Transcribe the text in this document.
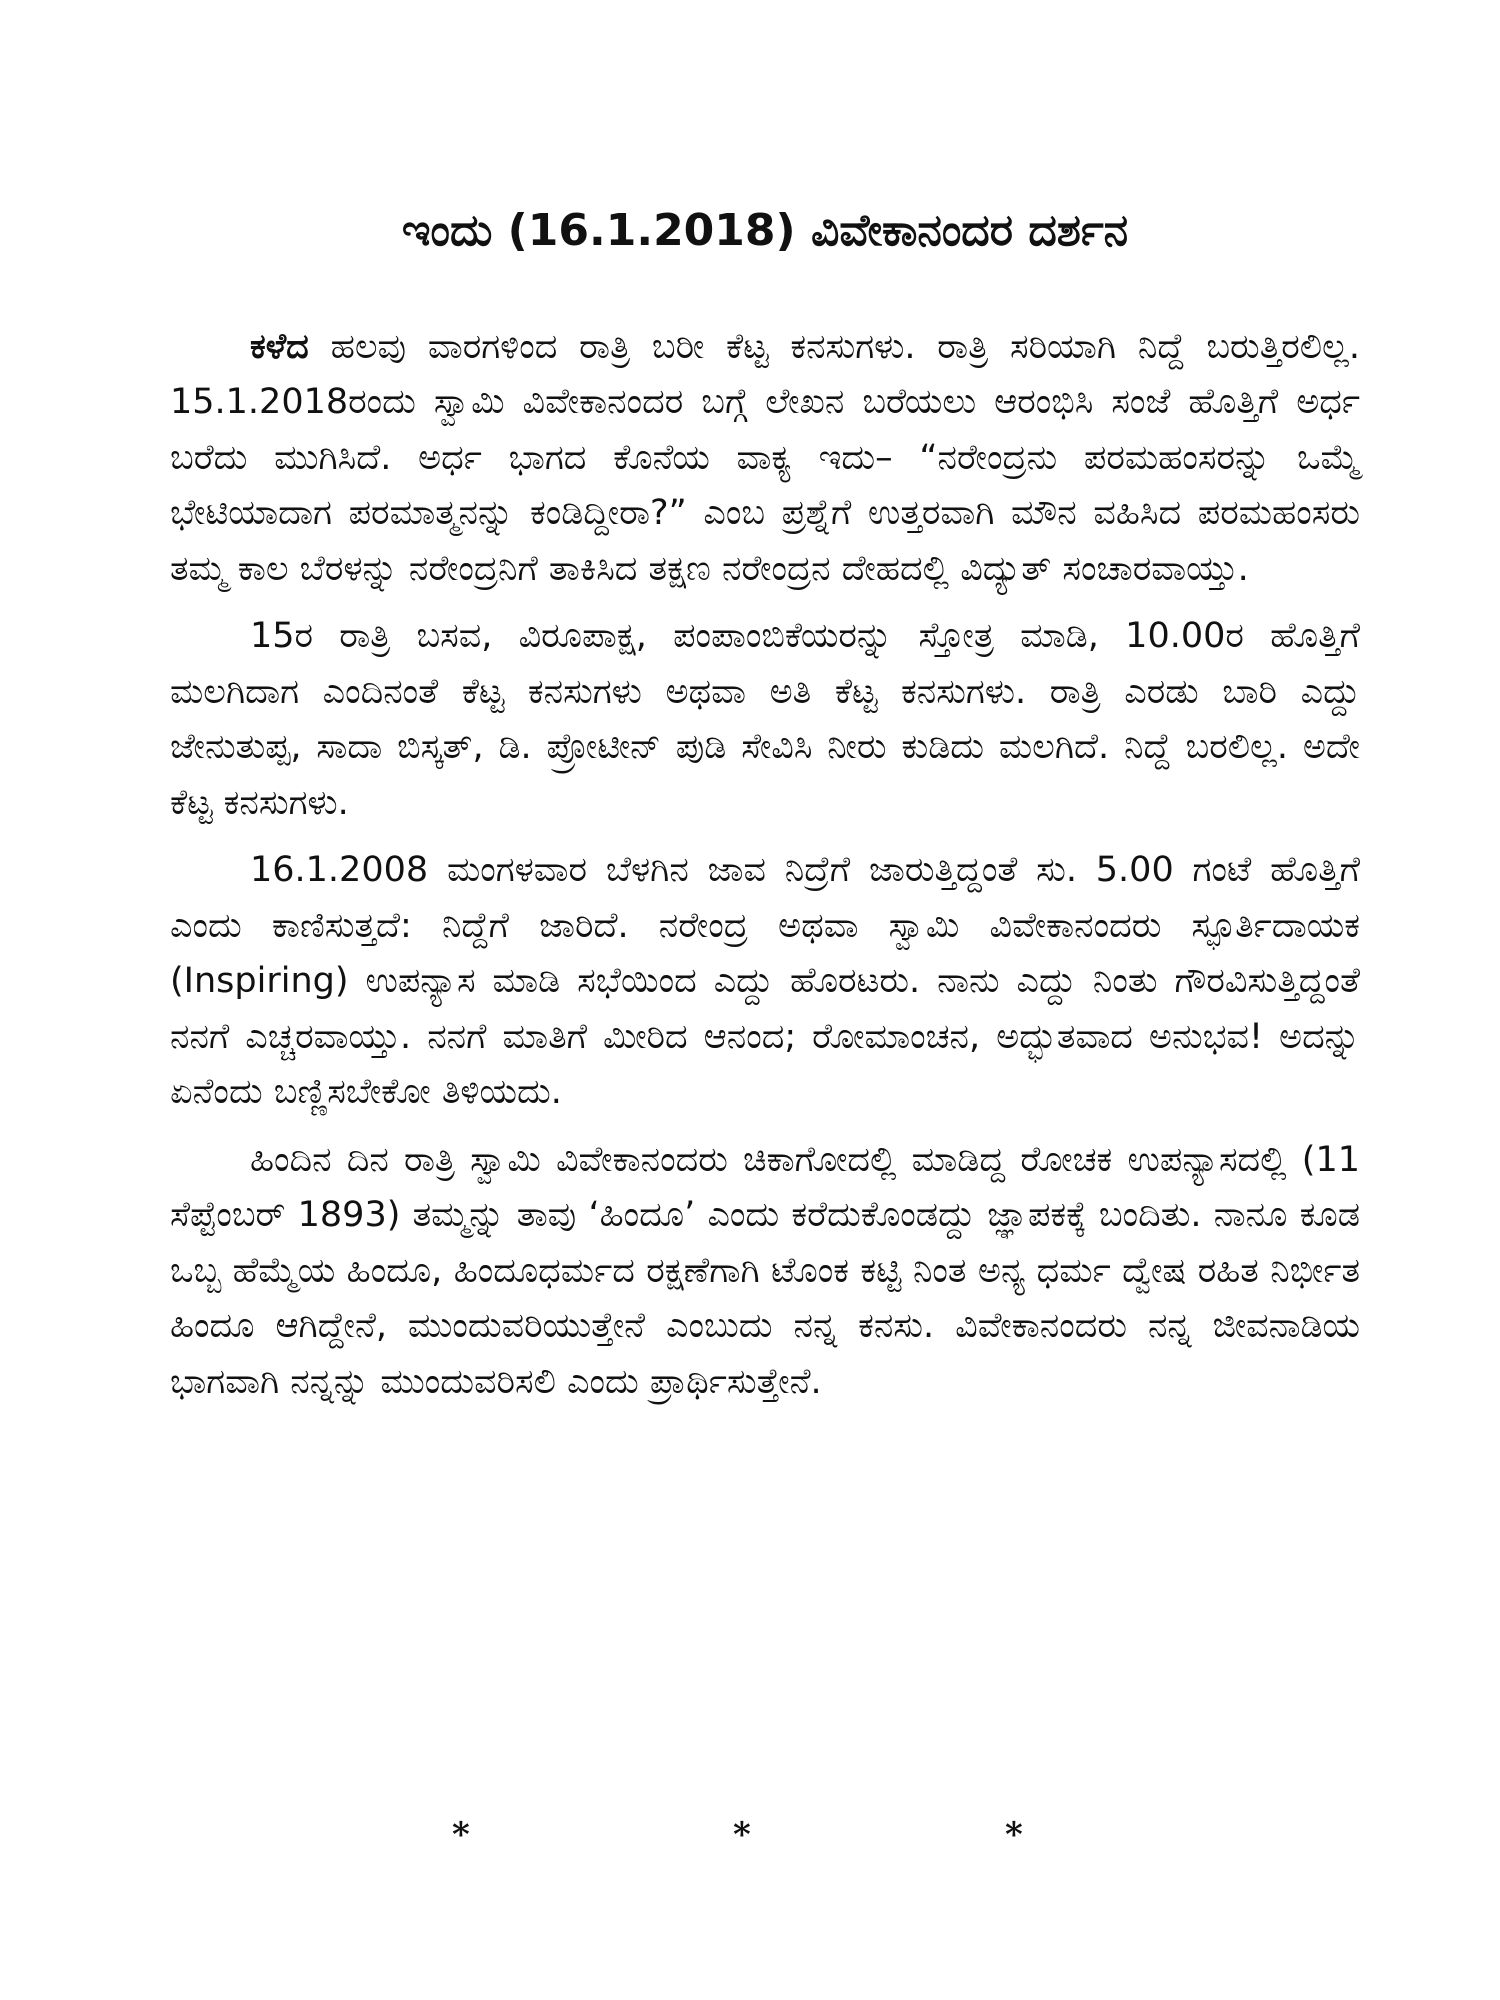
ಇಂದು (16.1.2018) ವಿವೇಕಾನಂದರ ದರ್ಶನ

ಕಳೆದ ಹಲವು ವಾರಗಳಿಂದ ರಾತ್ರಿ ಬರೀ ಕೆಟ್ಟ ಕನಸುಗಳು. ರಾತ್ರಿ ಸರಿಯಾಗಿ ನಿದ್ದೆ ಬರುತ್ತಿರಲಿಲ್ಲ. 15.1.2018ರಂದು ಸ್ವಾಮಿ ವಿವೇಕಾನಂದರ ಬಗ್ಗೆ ಲೇಖನ ಬರೆಯಲು ಆರಂಭಿಸಿ ಸಂಜೆ ಹೊತ್ತಿಗೆ ಅರ್ಧ ಬರೆದು ಮುಗಿಸಿದೆ. ಅರ್ಧ ಭಾಗದ ಕೊನೆಯ ವಾಕ್ಯ ಇದು– “ನರೇಂದ್ರನು ಪರಮಹಂಸರನ್ನು ಒಮ್ಮೆ ಭೇಟಿಯಾದಾಗ ಪರಮಾತ್ಮನನ್ನು ಕಂಡಿದ್ದೀರಾ?” ಎಂಬ ಪ್ರಶ್ನೆಗೆ ಉತ್ತರವಾಗಿ ಮೌನ ವಹಿಸಿದ ಪರಮಹಂಸರು ತಮ್ಮ ಕಾಲ ಬೆರಳನ್ನು ನರೇಂದ್ರನಿಗೆ ತಾಕಿಸಿದ ತಕ್ಷಣ ನರೇಂದ್ರನ ದೇಹದಲ್ಲಿ ವಿದ್ಯುತ್ ಸಂಚಾರವಾಯ್ತು.

15ರ ರಾತ್ರಿ ಬಸವ, ವಿರೂಪಾಕ್ಷ, ಪಂಪಾಂಬಿಕೆಯರನ್ನು ಸ್ತೋತ್ರ ಮಾಡಿ, 10.00ರ ಹೊತ್ತಿಗೆ ಮಲಗಿದಾಗ ಎಂದಿನಂತೆ ಕೆಟ್ಟ ಕನಸುಗಳು ಅಥವಾ ಅತಿ ಕೆಟ್ಟ ಕನಸುಗಳು. ರಾತ್ರಿ ಎರಡು ಬಾರಿ ಎದ್ದು ಜೇನುತುಪ್ಪ, ಸಾದಾ ಬಿಸ್ಕತ್, ಡಿ. ಪ್ರೋಟೀನ್ ಪುಡಿ ಸೇವಿಸಿ ನೀರು ಕುಡಿದು ಮಲಗಿದೆ. ನಿದ್ದೆ ಬರಲಿಲ್ಲ. ಅದೇ ಕೆಟ್ಟ ಕನಸುಗಳು.

16.1.2008 ಮಂಗಳವಾರ ಬೆಳಗಿನ ಜಾವ ನಿದ್ರೆಗೆ ಜಾರುತ್ತಿದ್ದಂತೆ ಸು. 5.00 ಗಂಟೆ ಹೊತ್ತಿಗೆ ಎಂದು ಕಾಣಿಸುತ್ತದೆ: ನಿದ್ದೆಗೆ ಜಾರಿದೆ. ನರೇಂದ್ರ ಅಥವಾ ಸ್ವಾಮಿ ವಿವೇಕಾನಂದರು ಸ್ಫೂರ್ತಿದಾಯಕ (Inspiring) ಉಪನ್ಯಾಸ ಮಾಡಿ ಸಭೆಯಿಂದ ಎದ್ದು ಹೊರಟರು. ನಾನು ಎದ್ದು ನಿಂತು ಗೌರವಿಸುತ್ತಿದ್ದಂತೆ ನನಗೆ ಎಚ್ಚರವಾಯ್ತು. ನನಗೆ ಮಾತಿಗೆ ಮೀರಿದ ಆನಂದ; ರೋಮಾಂಚನ, ಅದ್ಭುತವಾದ ಅನುಭವ! ಅದನ್ನು ಏನೆಂದು ಬಣ್ಣಿಸಬೇಕೋ ತಿಳಿಯದು.

ಹಿಂದಿನ ದಿನ ರಾತ್ರಿ ಸ್ವಾಮಿ ವಿವೇಕಾನಂದರು ಚಿಕಾಗೋದಲ್ಲಿ ಮಾಡಿದ್ದ ರೋಚಕ ಉಪನ್ಯಾಸದಲ್ಲಿ (11 ಸೆಪ್ಟೆಂಬರ್ 1893) ತಮ್ಮನ್ನು ತಾವು ‘ಹಿಂದೂ’ ಎಂದು ಕರೆದುಕೊಂಡದ್ದು ಜ್ಞಾಪಕಕ್ಕೆ ಬಂದಿತು. ನಾನೂ ಕೂಡ ಒಬ್ಬ ಹೆಮ್ಮೆಯ ಹಿಂದೂ, ಹಿಂದೂಧರ್ಮದ ರಕ್ಷಣೆಗಾಗಿ ಟೊಂಕ ಕಟ್ಟಿ ನಿಂತ ಅನ್ಯ ಧರ್ಮ ದ್ವೇಷ ರಹಿತ ನಿರ್ಭೀತ ಹಿಂದೂ ಆಗಿದ್ದೇನೆ, ಮುಂದುವರಿಯುತ್ತೇನೆ ಎಂಬುದು ನನ್ನ ಕನಸು. ವಿವೇಕಾನಂದರು ನನ್ನ ಜೀವನಾಡಿಯ ಭಾಗವಾಗಿ ನನ್ನನ್ನು ಮುಂದುವರಿಸಲಿ ಎಂದು ಪ್ರಾರ್ಥಿಸುತ್ತೇನೆ.

*	*	*
